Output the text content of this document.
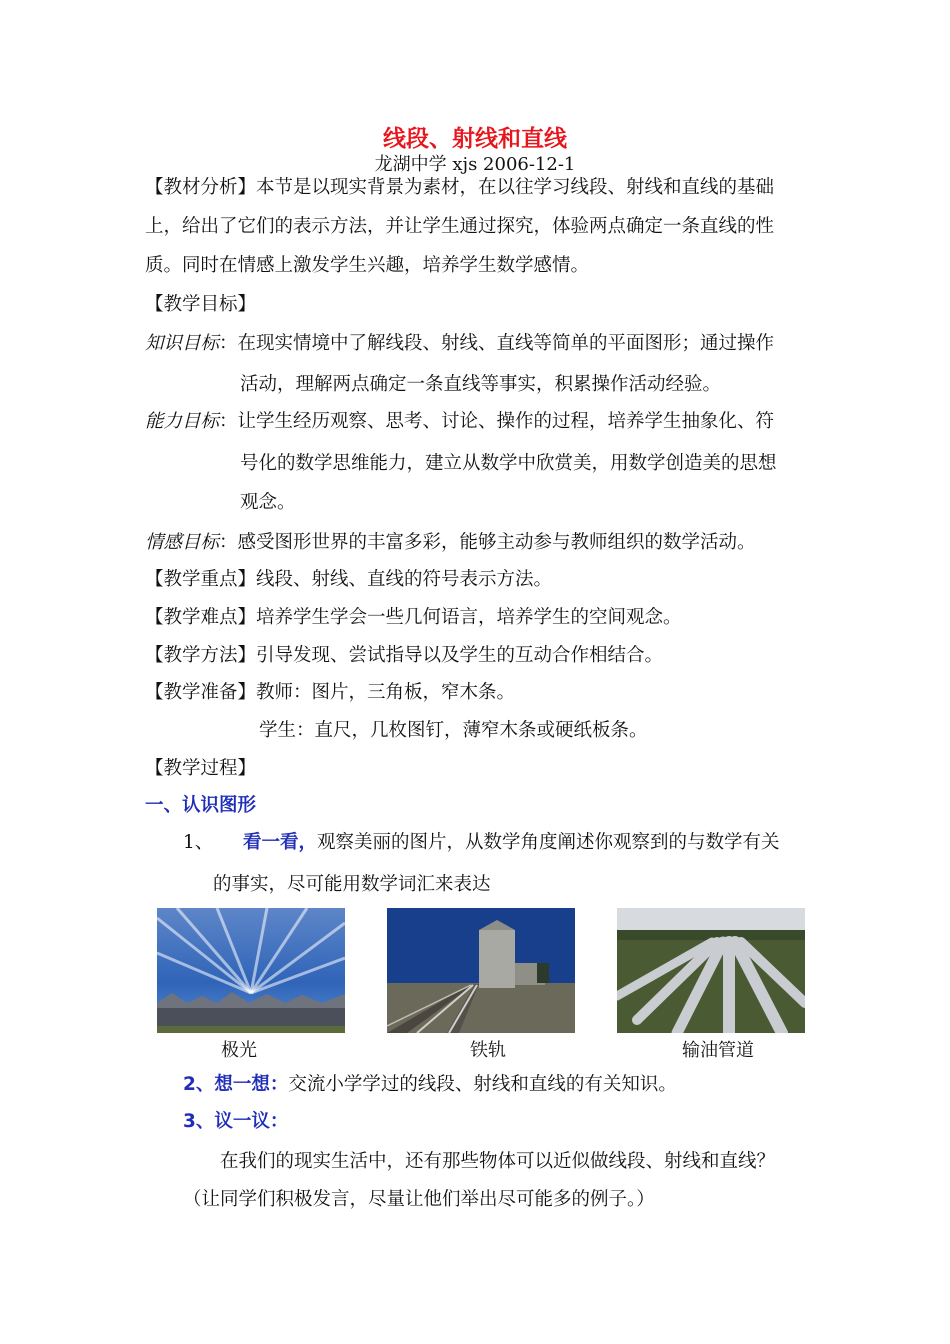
线段、射线和直线
龙湖中学 xjs 2006-12-1
【教材分析】本节是以现实背景为素材，在以往学习线段、射线和直线的基础
上，给出了它们的表示方法，并让学生通过探究，体验两点确定一条直线的性
质。同时在情感上激发学生兴趣，培养学生数学感情。
【教学目标】
知识目标：在现实情境中了解线段、射线、直线等简单的平面图形；通过操作
活动，理解两点确定一条直线等事实，积累操作活动经验。
能力目标：让学生经历观察、思考、讨论、操作的过程，培养学生抽象化、符
号化的数学思维能力，建立从数学中欣赏美，用数学创造美的思想
观念。
情感目标：感受图形世界的丰富多彩，能够主动参与教师组织的数学活动。
【教学重点】线段、射线、直线的符号表示方法。
【教学难点】培养学生学会一些几何语言，培养学生的空间观念。
【教学方法】引导发现、尝试指导以及学生的互动合作相结合。
【教学准备】教师：图片，三角板，窄木条。
学生：直尺，几枚图钉，薄窄木条或硬纸板条。
【教学过程】
一、认识图形
1、 看一看，观察美丽的图片，从数学角度阐述你观察到的与数学有关
的事实，尽可能用数学词汇来表达
极光	铁轨	输油管道
2、想一想：交流小学学过的线段、射线和直线的有关知识。
3、议一议：
在我们的现实生活中，还有那些物体可以近似做线段、射线和直线？
（让同学们积极发言，尽量让他们举出尽可能多的例子。）
